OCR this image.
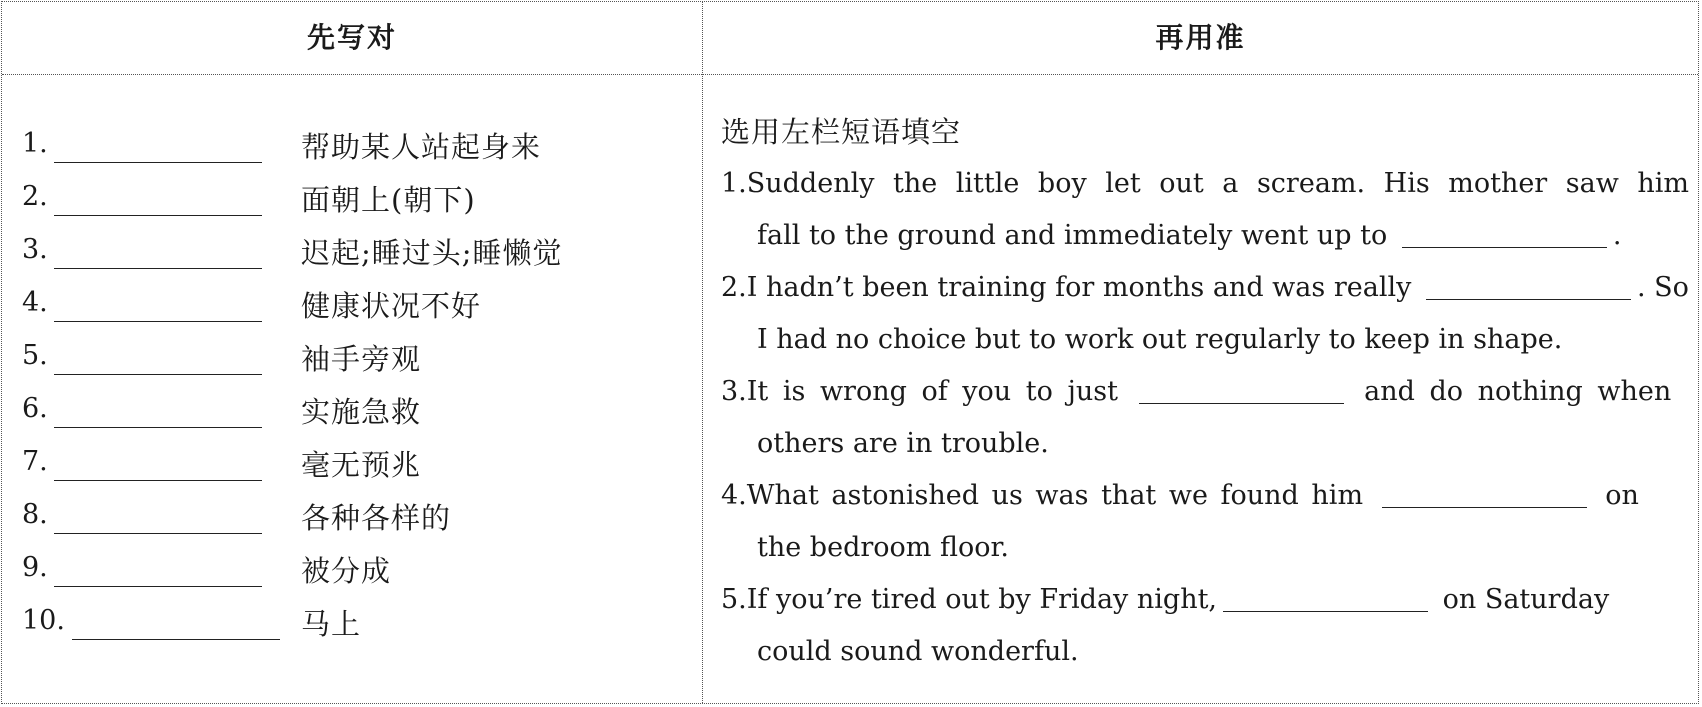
先写对	再用准
1.	帮助某人站起身来
2.	面朝上(朝下)
3.	迟起;睡过头;睡懒觉
4.	健康状况不好
5.	袖手旁观
6.	实施急救
7.	毫无预兆
8.	各种各样的
9.	被分成
10.	马上
选用左栏短语填空
1. Suddenly the little boy let out a scream. His mother saw him
fall to the ground and immediately went up to	.
2. I hadn’t been training for months and was really	. So
I had no choice but to work out regularly to keep in shape.
3. It is wrong of you to just	and do nothing when
others are in trouble.
4. What astonished us was that we found him	on
the bedroom floor.
5. If you’re tired out by Friday night,	on Saturday
could sound wonderful.
